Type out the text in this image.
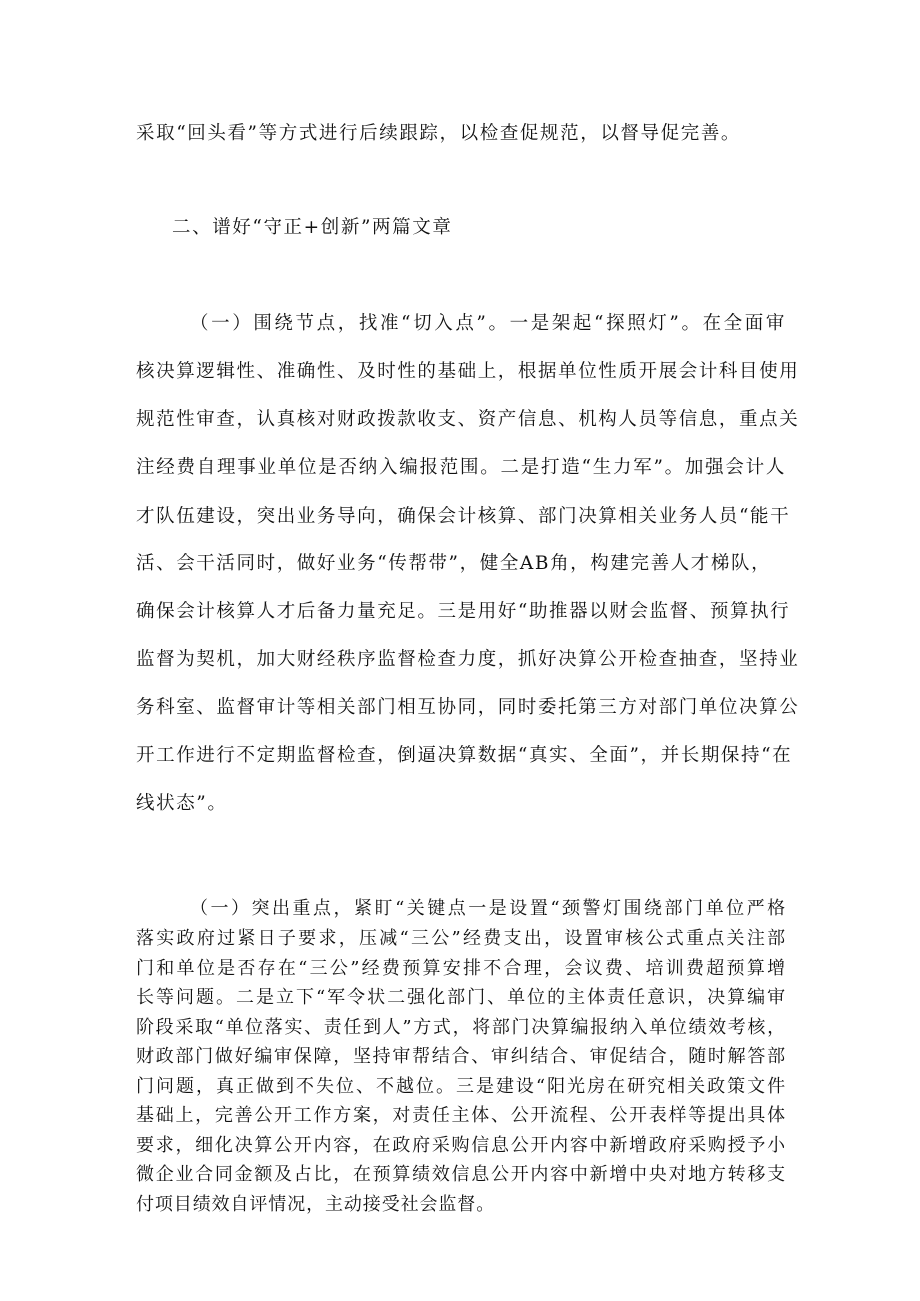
采取“回头看”等方式进行后续跟踪，以检查促规范，以督导促完善。
二、谱好“守正+创新”两篇文章
（一）围绕节点，找准“切入点”。一是架起“探照灯”。在全面审
核决算逻辑性、准确性、及时性的基础上，根据单位性质开展会计科目使用
规范性审查，认真核对财政拨款收支、资产信息、机构人员等信息，重点关
注经费自理事业单位是否纳入编报范围。二是打造“生力军”。加强会计人
才队伍建设，突出业务导向，确保会计核算、部门决算相关业务人员“能干
活、会干活同时，做好业务“传帮带”，健全AB角，构建完善人才梯队，
确保会计核算人才后备力量充足。三是用好“助推器以财会监督、预算执行
监督为契机，加大财经秩序监督检查力度，抓好决算公开检查抽查，坚持业
务科室、监督审计等相关部门相互协同，同时委托第三方对部门单位决算公
开工作进行不定期监督检查，倒逼决算数据“真实、全面”，并长期保持“在
线状态”。
（一）突出重点，紧盯“关键点一是设置“颈警灯围绕部门单位严格
落实政府过紧日子要求，压减“三公”经费支出，设置审核公式重点关注部
门和单位是否存在“三公”经费预算安排不合理，会议费、培训费超预算增
长等问题。二是立下“军令状二强化部门、单位的主体责任意识，决算编审
阶段采取“单位落实、责任到人”方式，将部门决算编报纳入单位绩效考核，
财政部门做好编审保障，坚持审帮结合、审纠结合、审促结合，随时解答部
门问题，真正做到不失位、不越位。三是建设“阳光房在研究相关政策文件
基础上，完善公开工作方案，对责任主体、公开流程、公开表样等提出具体
要求，细化决算公开内容，在政府采购信息公开内容中新增政府采购授予小
微企业合同金额及占比，在预算绩效信息公开内容中新增中央对地方转移支
付项目绩效自评情况，主动接受社会监督。
